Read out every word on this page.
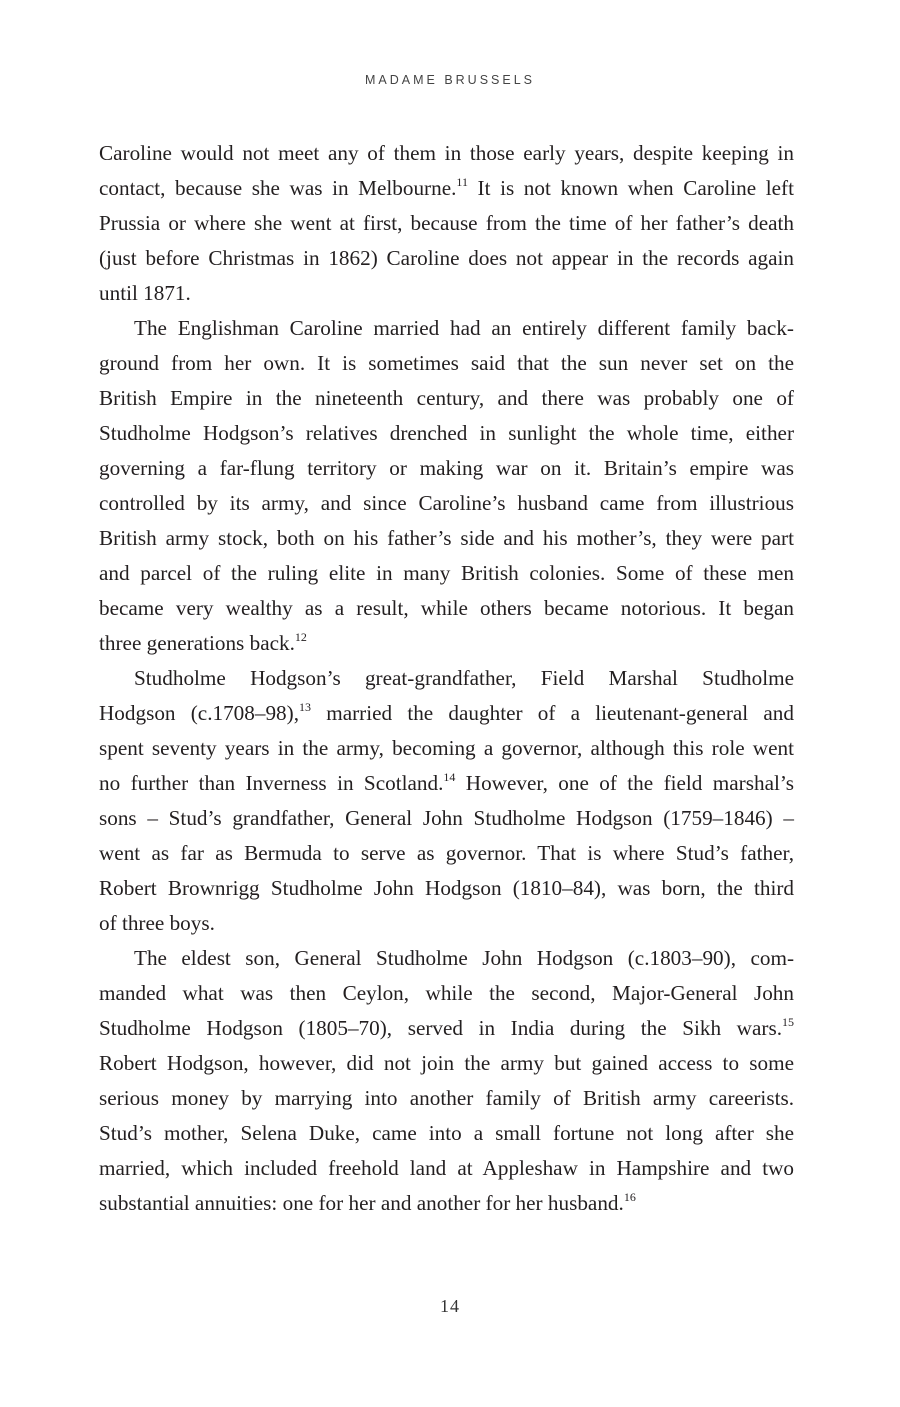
MADAME BRUSSELS
Caroline would not meet any of them in those early years, despite keeping in
contact, because she was in Melbourne.$^{11}$ It is not known when Caroline left
Prussia or where she went at first, because from the time of her father’s death
(just before Christmas in 1862) Caroline does not appear in the records again
until 1871.
The Englishman Caroline married had an entirely different family back-
ground from her own. It is sometimes said that the sun never set on the
British Empire in the nineteenth century, and there was probably one of
Studholme Hodgson’s relatives drenched in sunlight the whole time, either
governing a far-flung territory or making war on it. Britain’s empire was
controlled by its army, and since Caroline’s husband came from illustrious
British army stock, both on his father’s side and his mother’s, they were part
and parcel of the ruling elite in many British colonies. Some of these men
became very wealthy as a result, while others became notorious. It began
three generations back.$^{12}$
Studholme Hodgson’s great-grandfather, Field Marshal Studholme
Hodgson (c.1708–98),$^{13}$ married the daughter of a lieutenant-general and
spent seventy years in the army, becoming a governor, although this role went
no further than Inverness in Scotland.$^{14}$ However, one of the field marshal’s
sons – Stud’s grandfather, General John Studholme Hodgson (1759–1846) –
went as far as Bermuda to serve as governor. That is where Stud’s father,
Robert Brownrigg Studholme John Hodgson (1810–84), was born, the third
of three boys.
The eldest son, General Studholme John Hodgson (c.1803–90), com-
manded what was then Ceylon, while the second, Major-General John
Studholme Hodgson (1805–70), served in India during the Sikh wars.$^{15}$
Robert Hodgson, however, did not join the army but gained access to some
serious money by marrying into another family of British army careerists.
Stud’s mother, Selena Duke, came into a small fortune not long after she
married, which included freehold land at Appleshaw in Hampshire and two
substantial annuities: one for her and another for her husband.$^{16}$
14
